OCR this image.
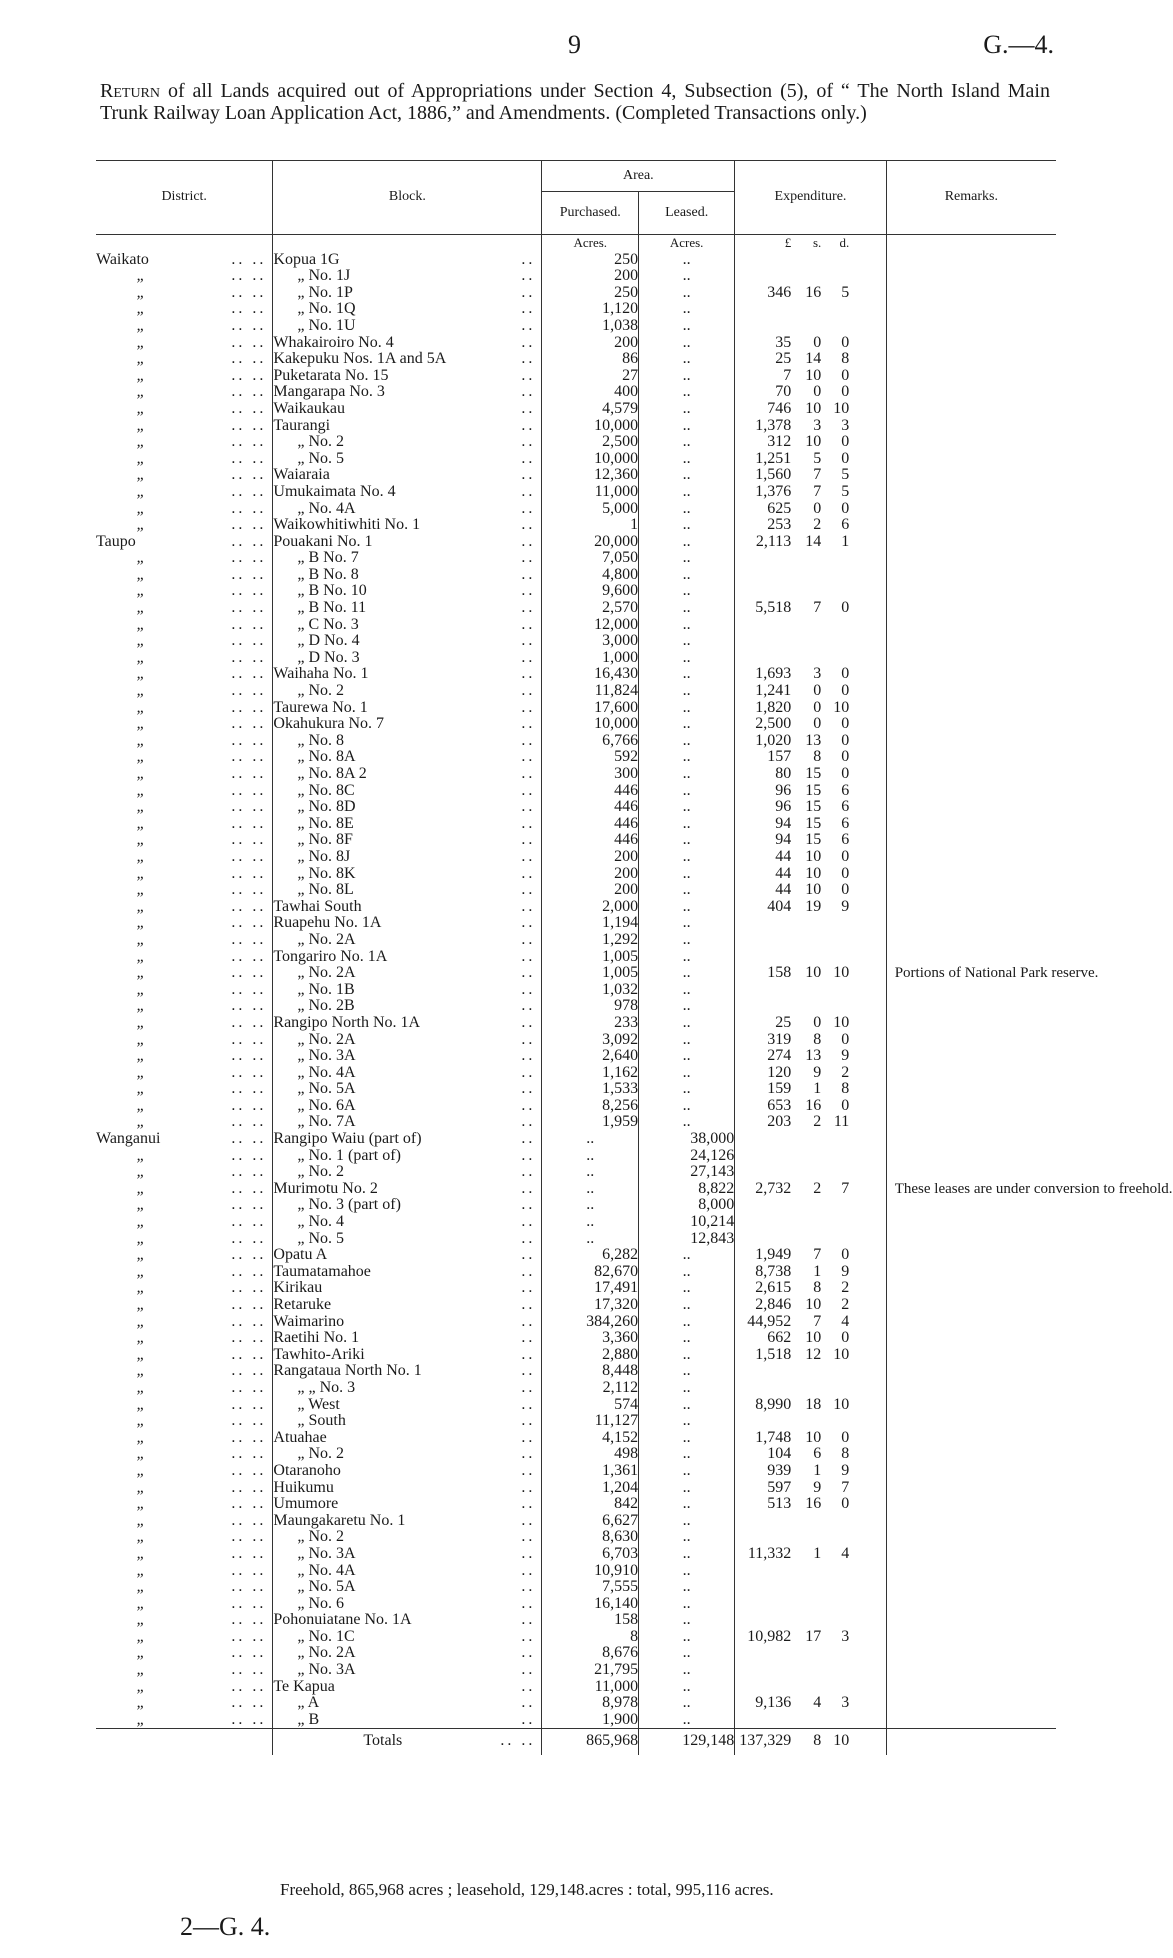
9	G.—4.
Return of all Lands acquired out of Appropriations under Section 4, Subsection (5), of “ The North Island Main Trunk Railway Loan Application Act, 1886,” and Amendments. (Completed Transactions only.)
District.	Block.	Area.		Expenditure.	Remarks.
		Purchased.	Leased.		
		Acres.	Acres.	£ s. d.	
Waikato .. ..	Kopua 1G ..	250	..		
„ .. ..	„ No. 1J ..	200	..		
„ .. ..	„ No. 1P ..	250	..	346 16 5	
„ .. ..	„ No. 1Q ..	1,120	..		
„ .. ..	„ No. 1U ..	1,038	..		
„ .. ..	Whakairoiro No. 4 ..	200	..	35 0 0	
„ .. ..	Kakepuku Nos. 1A and 5A ..	86	..	25 14 8	
„ .. ..	Puketarata No. 15 ..	27	..	7 10 0	
„ .. ..	Mangarapa No. 3 ..	400	..	70 0 0	
„ .. ..	Waikaukau ..	4,579	..	746 10 10	
„ .. ..	Taurangi ..	10,000	..	1,378 3 3	
„ .. ..	„ No. 2 ..	2,500	..	312 10 0	
„ .. ..	„ No. 5 ..	10,000	..	1,251 5 0	
„ .. ..	Waiaraia ..	12,360	..	1,560 7 5	
„ .. ..	Umukaimata No. 4 ..	11,000	..	1,376 7 5	
„ .. ..	„ No. 4A ..	5,000	..	625 0 0	
„ .. ..	Waikowhitiwhiti No. 1 ..	1	..	253 2 6	
Taupo .. ..	Pouakani No. 1 ..	20,000	..	2,113 14 1	
„ .. ..	„ B No. 7 ..	7,050	..		
„ .. ..	„ B No. 8 ..	4,800	..		
„ .. ..	„ B No. 10 ..	9,600	..		
„ .. ..	„ B No. 11 ..	2,570	..	5,518 7 0	
„ .. ..	„ C No. 3 ..	12,000	..		
„ .. ..	„ D No. 4 ..	3,000	..		
„ .. ..	„ D No. 3 ..	1,000	..		
„ .. ..	Waihaha No. 1 ..	16,430	..	1,693 3 0	
„ .. ..	„ No. 2 ..	11,824	..	1,241 0 0	
„ .. ..	Taurewa No. 1 ..	17,600	..	1,820 0 10	
„ .. ..	Okahukura No. 7 ..	10,000	..	2,500 0 0	
„ .. ..	„ No. 8 ..	6,766	..	1,020 13 0	
„ .. ..	„ No. 8A ..	592	..	157 8 0	
„ .. ..	„ No. 8A 2 ..	300	..	80 15 0	
„ .. ..	„ No. 8C ..	446	..	96 15 6	
„ .. ..	„ No. 8D ..	446	..	96 15 6	
„ .. ..	„ No. 8E ..	446	..	94 15 6	
„ .. ..	„ No. 8F ..	446	..	94 15 6	
„ .. ..	„ No. 8J ..	200	..	44 10 0	
„ .. ..	„ No. 8K ..	200	..	44 10 0	
„ .. ..	„ No. 8L ..	200	..	44 10 0	
„ .. ..	Tawhai South ..	2,000	..	404 19 9	
„ .. ..	Ruapehu No. 1A ..	1,194	..		
„ .. ..	„ No. 2A ..	1,292	..		
„ .. ..	Tongariro No. 1A ..	1,005	..		
„ .. ..	„ No. 2A ..	1,005	..	158 10 10	Portions of National Park reserve.

„ .. ..	„ No. 1B ..	1,032	..		
„ .. ..	„ No. 2B ..	978	..		
„ .. ..	Rangipo North No. 1A ..	233	..	25 0 10	
„ .. ..	„ No. 2A ..	3,092	..	319 8 0	
„ .. ..	„ No. 3A ..	2,640	..	274 13 9	
„ .. ..	„ No. 4A ..	1,162	..	120 9 2	
„ .. ..	„ No. 5A ..	1,533	..	159 1 8	
„ .. ..	„ No. 6A ..	8,256	..	653 16 0	
„ .. ..	„ No. 7A ..	1,959	..	203 2 11	
Wanganui .. ..	Rangipo Waiu (part of) ..	..	38,000		
„ .. ..	„ No. 1 (part of) ..	..	24,126		
„ .. ..	„ No. 2 ..	..	27,143		
„ .. ..	Murimotu No. 2 ..	..	8,822	2,732 2 7	These leases are under conversion to freehold.

„ .. ..	„ No. 3 (part of) ..	..	8,000		
„ .. ..	„ No. 4 ..	..	10,214		
„ .. ..	„ No. 5 ..	..	12,843		
„ .. ..	Opatu A ..	6,282	..	1,949 7 0	
„ .. ..	Taumatamahoe ..	82,670	..	8,738 1 9	
„ .. ..	Kirikau ..	17,491	..	2,615 8 2	
„ .. ..	Retaruke ..	17,320	..	2,846 10 2	
„ .. ..	Waimarino ..	384,260	..	44,952 7 4	
„ .. ..	Raetihi No. 1 ..	3,360	..	662 10 0	
„ .. ..	Tawhito-Ariki ..	2,880	..	1,518 12 10	
„ .. ..	Rangataua North No. 1 ..	8,448	..		
„ .. ..	„ „ No. 3 ..	2,112	..		
„ .. ..	„ West ..	574	..	8,990 18 10	
„ .. ..	„ South ..	11,127	..		
„ .. ..	Atuahae ..	4,152	..	1,748 10 0	
„ .. ..	„ No. 2 ..	498	..	104 6 8	
„ .. ..	Otaranoho ..	1,361	..	939 1 9	
„ .. ..	Huikumu ..	1,204	..	597 9 7	
„ .. ..	Umumore ..	842	..	513 16 0	
„ .. ..	Maungakaretu No. 1 ..	6,627	..		
„ .. ..	„ No. 2 ..	8,630	..		
„ .. ..	„ No. 3A ..	6,703	..	11,332 1 4	
„ .. ..	„ No. 4A ..	10,910	..		
„ .. ..	„ No. 5A ..	7,555	..		
„ .. ..	„ No. 6 ..	16,140	..		
„ .. ..	Pohonuiatane No. 1A ..	158	..		
„ .. ..	„ No. 1C ..	8	..	10,982 17 3	
„ .. ..	„ No. 2A ..	8,676	..		
„ .. ..	„ No. 3A ..	21,795	..		
„ .. ..	Te Kapua ..	11,000	..		
„ .. ..	„ A ..	8,978	..	9,136 4 3	
„ .. ..	„ B ..	1,900	..		
	Totals .. ..	865,968	129,148	137,329 8 10	
Freehold, 865,968 acres ; leasehold, 129,148.acres : total, 995,116 acres.
2—G. 4.
